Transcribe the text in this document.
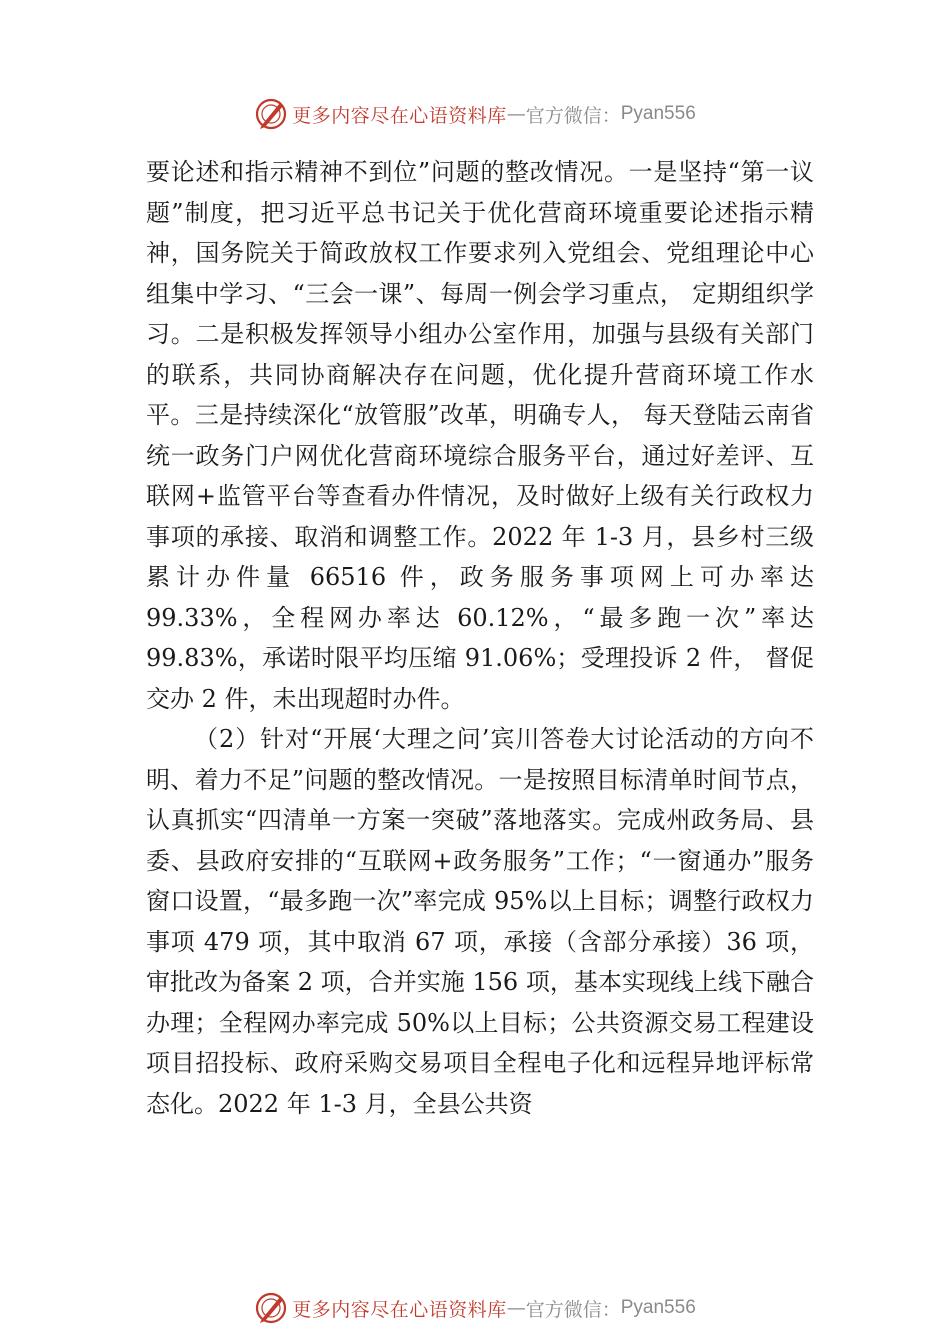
更多内容尽在心语资料库 — 官方微信： Pyan556

要论述和指示精神不到位”问题的整改情况。一是坚持“第一议题”制度，把习近平总书记关于优化营商环境重要论述指示精神，国务院关于简政放权工作要求列入党组会、党组理论中心组集中学习、“三会一课”、每周一例会学习重点， 定期组织学习。二是积极发挥领导小组办公室作用，加强与县级有关部门的联系，共同协商解决存在问题，优化提升营商环境工作水平。三是持续深化“放管服”改革，明确专人， 每天登陆云南省统一政务门户网优化营商环境综合服务平台，通过好差评、互联网+监管平台等查看办件情况，及时做好上级有关行政权力事项的承接、取消和调整工作。2022 年 1-3 月，县乡村三级累计办件量 66516 件，政务服务事项网上可办率达 99.33%，全程网办率达 60.12%，“最多跑一次”率达 99.83%，承诺时限平均压缩 91.06%；受理投诉 2 件， 督促交办 2 件，未出现超时办件。

（2）针对“开展‘大理之问’宾川答卷大讨论活动的方向不明、着力不足”问题的整改情况。一是按照目标清单时间节点，认真抓实“四清单一方案一突破”落地落实。完成州政务局、县委、县政府安排的“互联网+政务服务”工作；“一窗通办”服务窗口设置，“最多跑一次”率完成 95%以上目标；调整行政权力事项 479 项，其中取消 67 项，承接（含部分承接）36 项，审批改为备案 2 项，合并实施 156 项，基本实现线上线下融合办理；全程网办率完成 50%以上目标；公共资源交易工程建设项目招投标、政府采购交易项目全程电子化和远程异地评标常态化。2022 年 1-3 月，全县公共资

更多内容尽在心语资料库 — 官方微信： Pyan556
